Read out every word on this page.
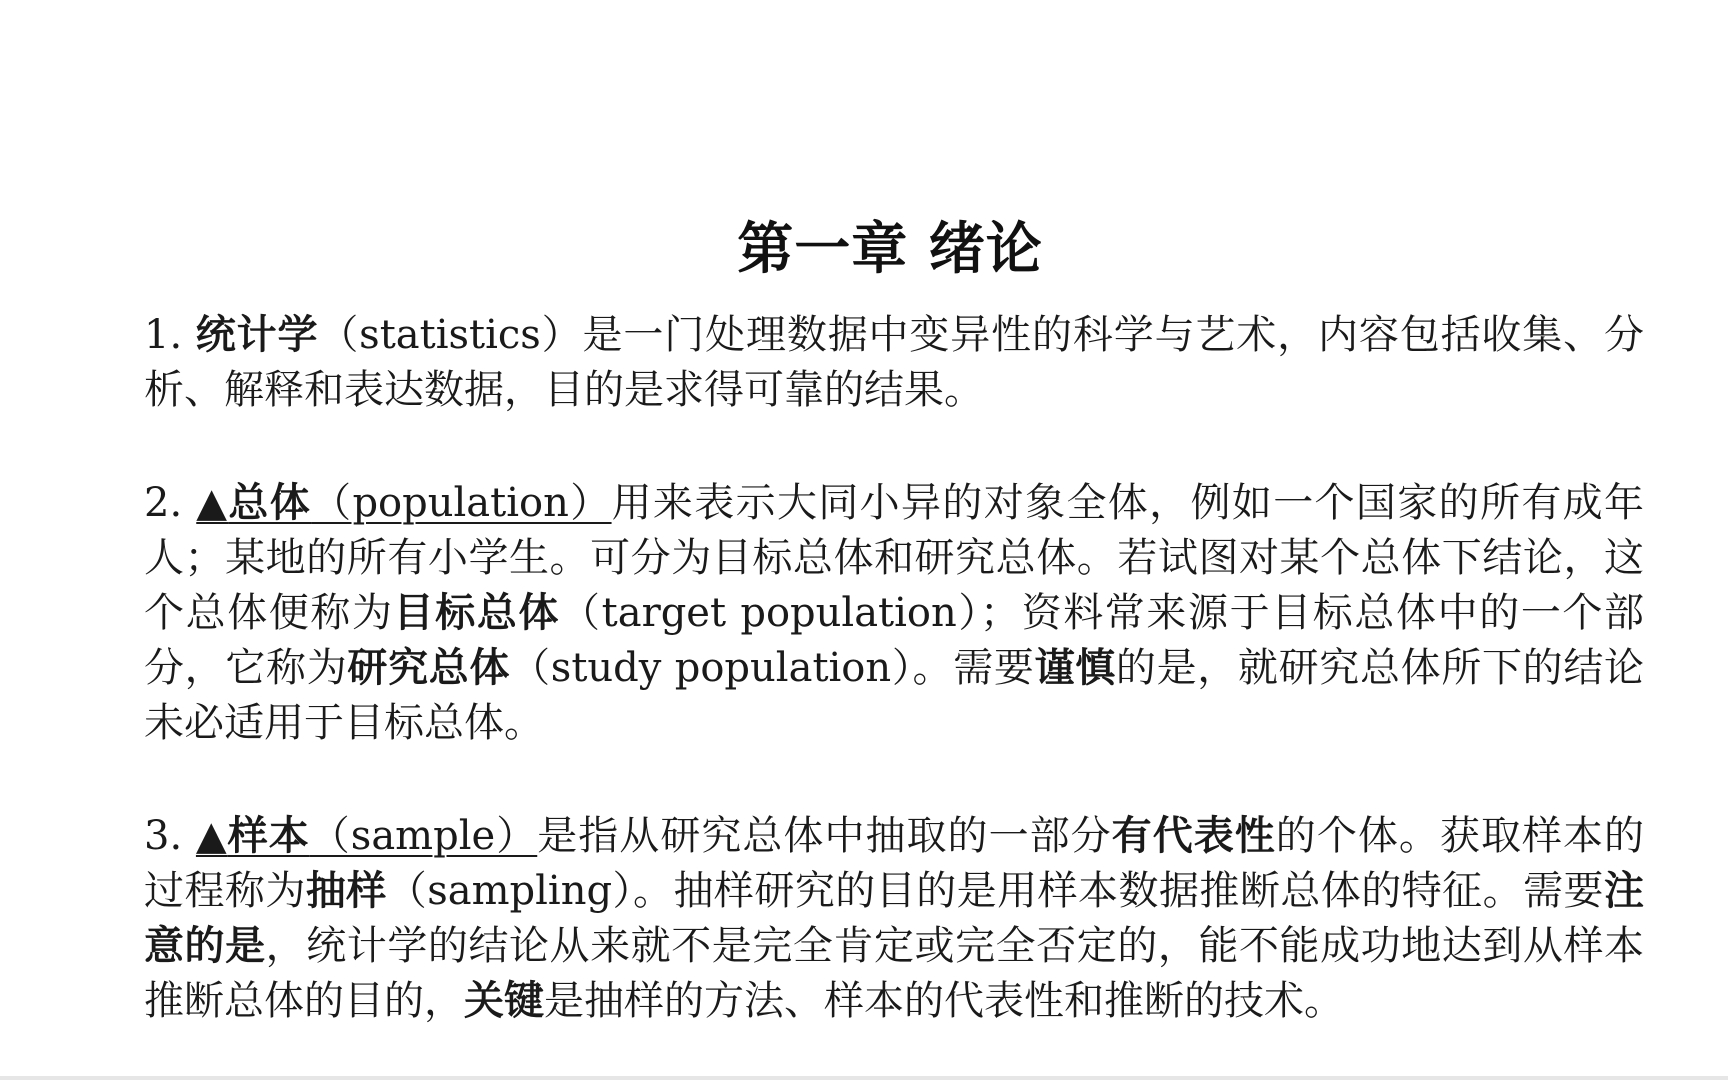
第一章 绪论

1. 统计学（statistics）是一门处理数据中变异性的科学与艺术，内容包括收集、分析、解释和表达数据，目的是求得可靠的结果。

2. ▲总体（population）用来表示大同小异的对象全体，例如一个国家的所有成年人；某地的所有小学生。可分为目标总体和研究总体。若试图对某个总体下结论，这个总体便称为目标总体（target population）；资料常来源于目标总体中的一个部分，它称为研究总体（study population）。需要谨慎的是，就研究总体所下的结论未必适用于目标总体。

3. ▲样本（sample）是指从研究总体中抽取的一部分有代表性的个体。获取样本的过程称为抽样（sampling）。抽样研究的目的是用样本数据推断总体的特征。需要注意的是，统计学的结论从来就不是完全肯定或完全否定的，能不能成功地达到从样本推断总体的目的，关键是抽样的方法、样本的代表性和推断的技术。
